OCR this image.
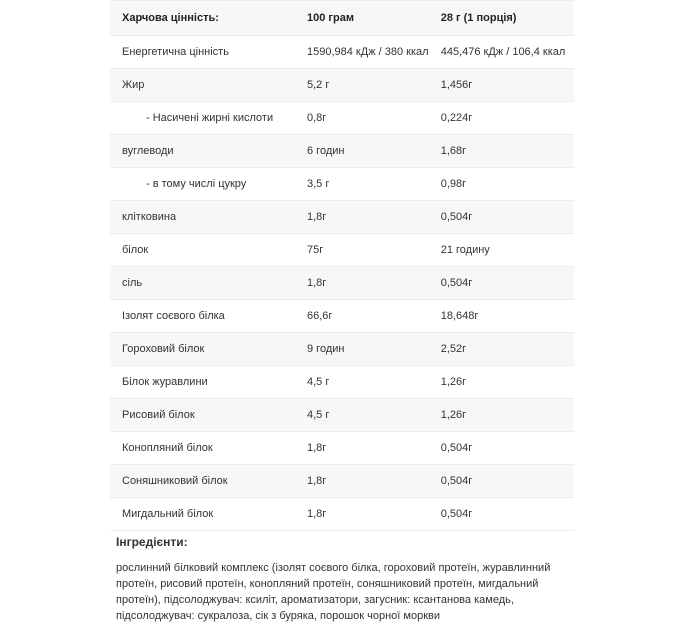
Харчова цінність:	100 грам	28 г (1 порція)
Енергетична цінність	1590,984 кДж / 380 ккал	445,476 кДж / 106,4 ккал
Жир	5,2 г	1,456г
- Насичені жирні кислоти	0,8г	0,224г
вуглеводи	6 годин	1,68г
- в тому числі цукру	3,5 г	0,98г
клітковина	1,8г	0,504г
білок	75г	21 годину
сіль	1,8г	0,504г
Ізолят соєвого білка	66,6г	18,648г
Гороховий білок	9 годин	2,52г
Білок журавлини	4,5 г	1,26г
Рисовий білок	4,5 г	1,26г
Конопляний білок	1,8г	0,504г
Соняшниковий білок	1,8г	0,504г
Мигдальний білок	1,8г	0,504г
Інгредієнти:

рослинний білковий комплекс (ізолят соєвого білка, гороховий протеїн, журавлинний протеїн, рисовий протеїн, конопляний протеїн, соняшниковий протеїн, мигдальний протеїн), підсолоджувач: ксиліт, ароматизатори, загусник: ксантанова камедь, підсолоджувач: сукралоза, сік з буряка, порошок чорної моркви
